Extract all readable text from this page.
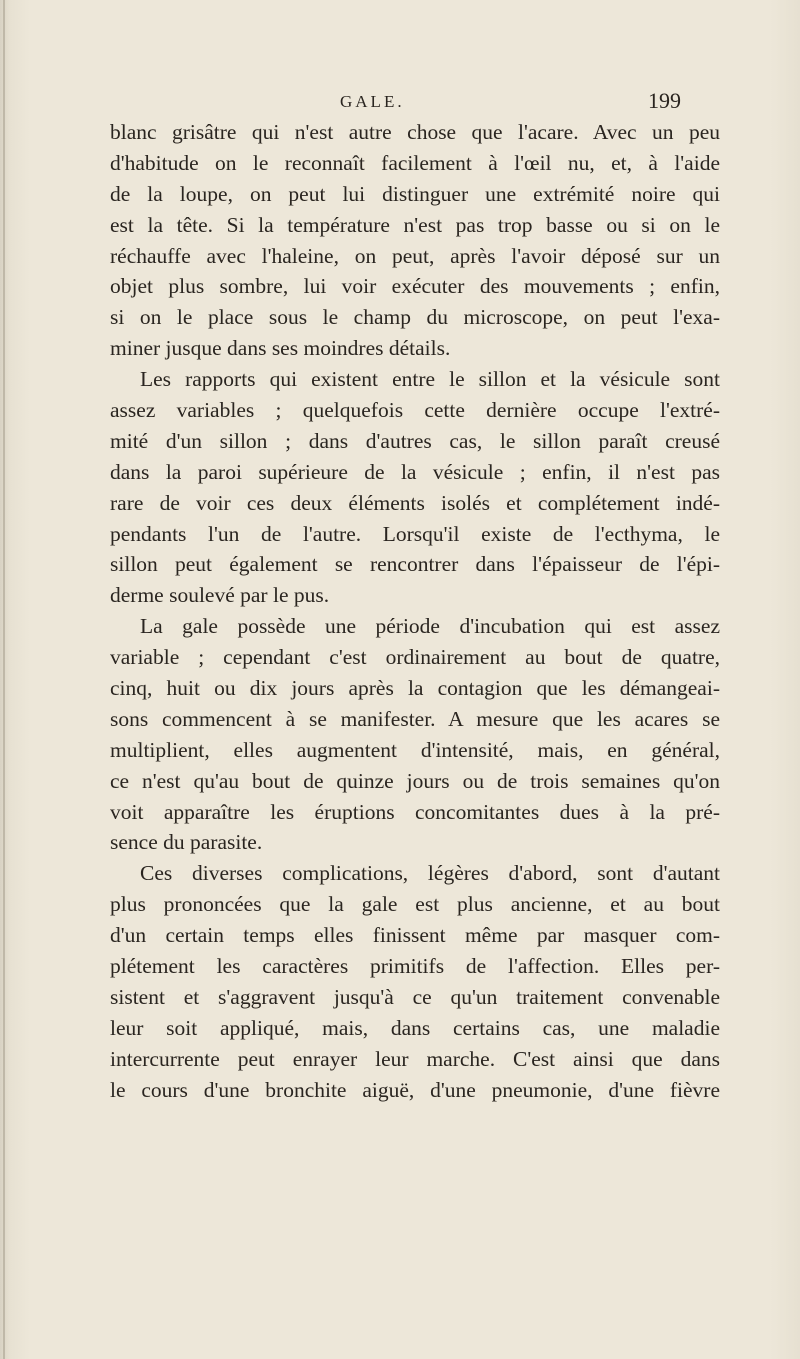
GALE.	199
blanc grisâtre qui n'est autre chose que l'acare. Avec un peu
d'habitude on le reconnaît facilement à l'œil nu, et, à l'aide
de la loupe, on peut lui distinguer une extrémité noire qui
est la tête. Si la température n'est pas trop basse ou si on le
réchauffe avec l'haleine, on peut, après l'avoir déposé sur un
objet plus sombre, lui voir exécuter des mouvements ; enfin,
si on le place sous le champ du microscope, on peut l'exa-
miner jusque dans ses moindres détails.
Les rapports qui existent entre le sillon et la vésicule sont
assez variables ; quelquefois cette dernière occupe l'extré-
mité d'un sillon ; dans d'autres cas, le sillon paraît creusé
dans la paroi supérieure de la vésicule ; enfin, il n'est pas
rare de voir ces deux éléments isolés et complétement indé-
pendants l'un de l'autre. Lorsqu'il existe de l'ecthyma, le
sillon peut également se rencontrer dans l'épaisseur de l'épi-
derme soulevé par le pus.
La gale possède une période d'incubation qui est assez
variable ; cependant c'est ordinairement au bout de quatre,
cinq, huit ou dix jours après la contagion que les démangeai-
sons commencent à se manifester. A mesure que les acares se
multiplient, elles augmentent d'intensité, mais, en général,
ce n'est qu'au bout de quinze jours ou de trois semaines qu'on
voit apparaître les éruptions concomitantes dues à la pré-
sence du parasite.
Ces diverses complications, légères d'abord, sont d'autant
plus prononcées que la gale est plus ancienne, et au bout
d'un certain temps elles finissent même par masquer com-
plétement les caractères primitifs de l'affection. Elles per-
sistent et s'aggravent jusqu'à ce qu'un traitement convenable
leur soit appliqué, mais, dans certains cas, une maladie
intercurrente peut enrayer leur marche. C'est ainsi que dans
le cours d'une bronchite aiguë, d'une pneumonie, d'une fièvre
